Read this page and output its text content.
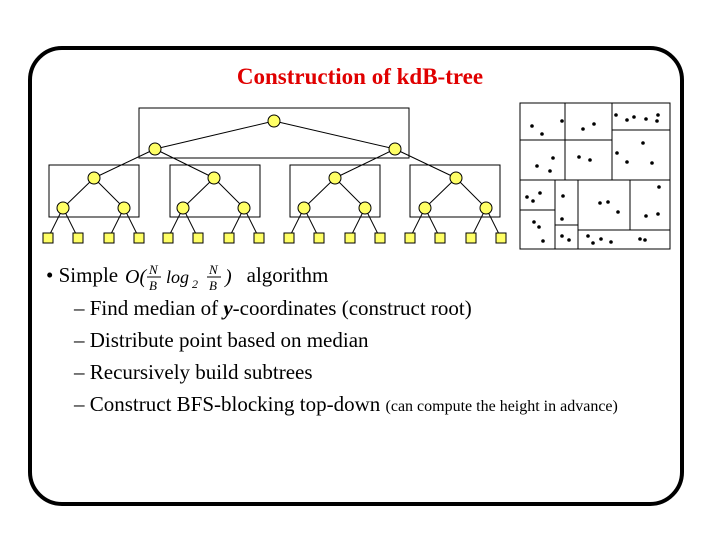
Construction of kdB-tree
• Simple O( N
B log 2
N
B ) algorithm
– Find median of y-coordinates (construct root)
– Distribute point based on median
– Recursively build subtrees
– Construct BFS-blocking top-down (can compute the height in advance)
